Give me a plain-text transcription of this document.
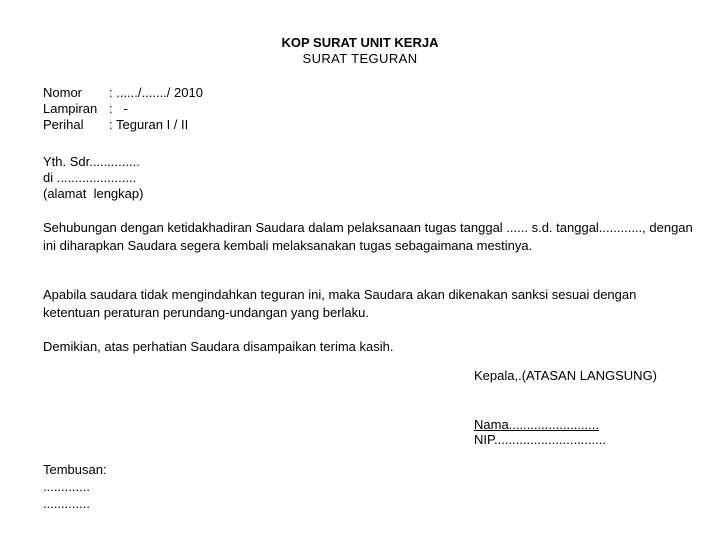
KOP SURAT UNIT KERJA
SURAT TEGURAN
Nomor	: ....../......./ 2010
Lampiran :   -
Perihal	: Teguran I / II
Yth. Sdr..............
di ......................
(alamat  lengkap)
Sehubungan dengan ketidakhadiran Saudara dalam pelaksanaan tugas tanggal ...... s.d. tanggal............, dengan ini diharapkan Saudara segera kembali melaksanakan tugas sebagaimana mestinya.
Apabila saudara tidak mengindahkan teguran ini, maka Saudara akan dikenakan sanksi sesuai dengan ketentuan peraturan perundang-undangan yang berlaku.
Demikian, atas perhatian Saudara disampaikan terima kasih.
Kepala,.(ATASAN LANGSUNG)
Nama.........................
NIP...............................
Tembusan:
.............
.............
